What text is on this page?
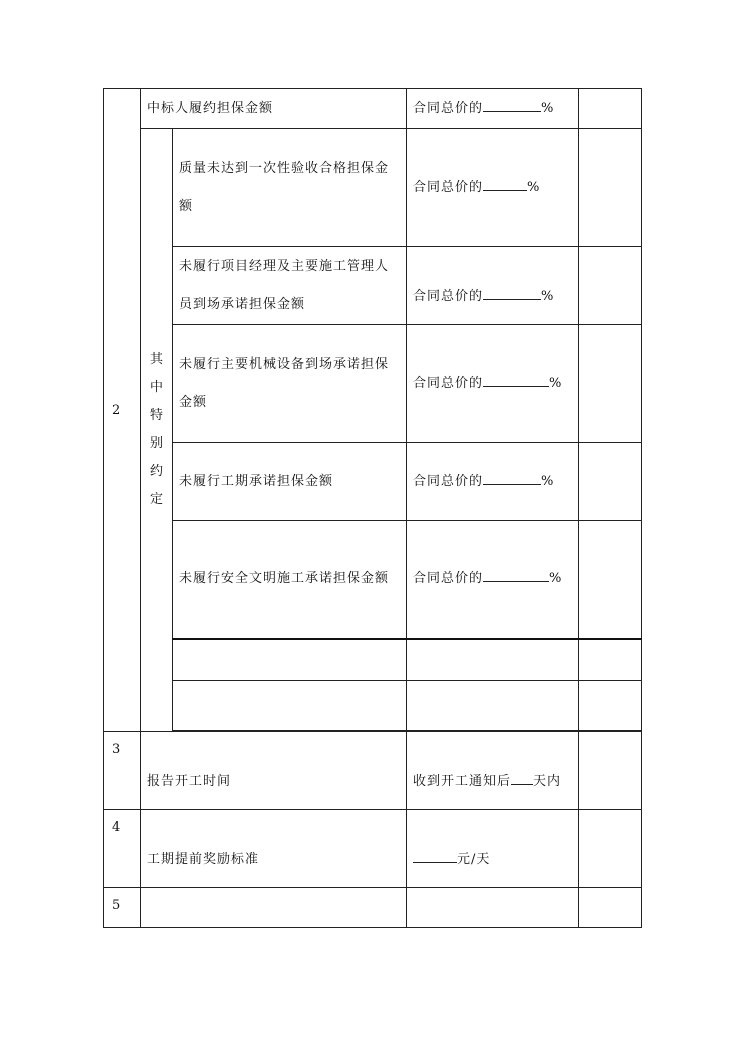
2	中标人履约担保金额		合同总价的 %	

	其中特别约定	质量未达到一次性验收合格担保金额	合同总价的 %	
		未履行项目经理及主要施工管理人员到场承诺担保金额	合同总价的 %	
		未履行主要机械设备到场承诺担保金额	合同总价的 %	
		未履行工期承诺担保金额	合同总价的 %	
		未履行安全文明施工承诺担保金额	合同总价的 %	

3	报告开工时间		收到开工通知后 天内	
4	工期提前奖励标准		元/天	
5				
